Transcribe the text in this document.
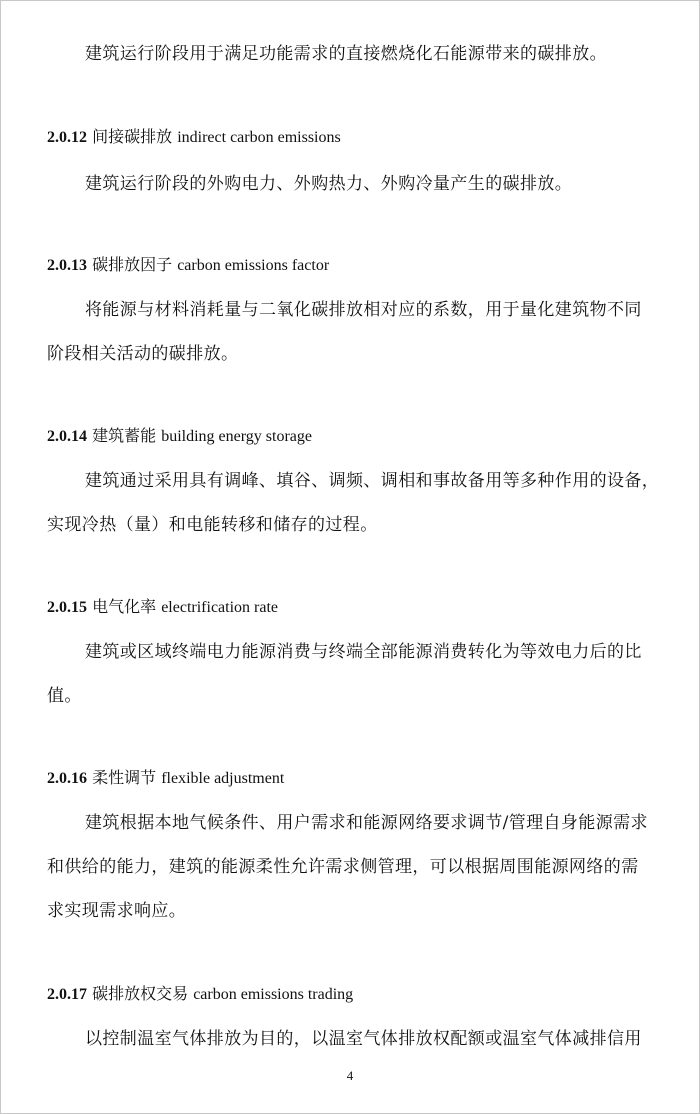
建筑运行阶段用于满足功能需求的直接燃烧化石能源带来的碳排放。
2.0.12 间接碳排放 indirect carbon emissions
建筑运行阶段的外购电力、外购热力、外购冷量产生的碳排放。
2.0.13 碳排放因子 carbon emissions factor
将能源与材料消耗量与二氧化碳排放相对应的系数，用于量化建筑物不同
阶段相关活动的碳排放。
2.0.14 建筑蓄能 building energy storage
建筑通过采用具有调峰、填谷、调频、调相和事故备用等多种作用的设备，
实现冷热（量）和电能转移和储存的过程。
2.0.15 电气化率 electrification rate
建筑或区域终端电力能源消费与终端全部能源消费转化为等效电力后的比
值。
2.0.16 柔性调节 flexible adjustment
建筑根据本地气候条件、用户需求和能源网络要求调节/管理自身能源需求
和供给的能力，建筑的能源柔性允许需求侧管理，可以根据周围能源网络的需
求实现需求响应。
2.0.17 碳排放权交易 carbon emissions trading
以控制温室气体排放为目的，以温室气体排放权配额或温室气体减排信用
4
